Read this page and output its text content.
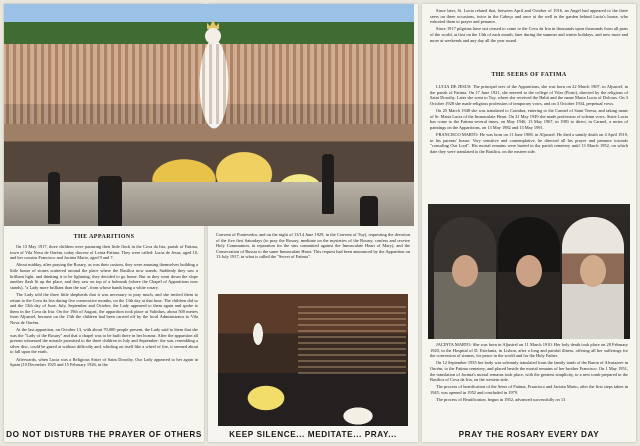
THE APPARITIONS

On 13 May 1917, three children were pasturing their little flock in the Cova da Iria, parish of Fatima, town of Vila Nova de Ourém, today diocese of Leiria-Fatima. They were called: Lucia de Jesus, aged 10, and her cousins Francisco and Jacinta Marto, aged 9 and 7.

About midday, after praying the Rosary, as was their custom, they were amusing themselves building a little house of stones scattered around the place where the Basilica now stands. Suddenly they saw a brilliant light, and thinking it to be lightning, they decided to go home. But as they went down the slope another flash lit up the place, and they saw on top of a holmoak (where the Chapel of Apparitions now stands), "a Lady more brilliant than the sun", from whose hands hung a white rosary.

The Lady told the three little shepherds that it was necessary to pray much, and she invited them to return to the Cova da Iria during five consecutive months, on the 13th day at that hour. The children did so and the 13th day of June, July, September and October, the Lady appeared to them again and spoke to them in the Cova da Iria. On the 19th of August, the apparition took place at Valinhos, about 500 metres from Aljustrel, because on the 13th the children had been carried off by the local Administrator to Vila Nova de Ourém.

At the last apparition, on October 13, with about 70,000 people present, the Lady said to them that she was the "Lady of the Rosary" and that a chapel was to be built there in her honour. After the apparition all present witnessed the miracle promised to the three children in July and September: the sun, resembling a silver disc, could be gazed at without difficulty and, whirling on itself like a wheel of fire, it seemed about to fall upon the earth.

Afterwards, when Lucia was a Religious Sister of Saint Dorothy, Our Lady appeared to her again in Spain (10 December 1925 and 15 February 1926, in the

DO NOT DISTURB THE PRAYER OF OTHERS

Convent of Pontevedra, and on the night of 13/14 June 1929, in the Convent of Tuy), requesting the devotion of the five first Saturdays (to pray the Rosary, meditate on the mysteries of the Rosary, confess and receive Holy Communion, in reparation for the sins committed against the Immaculate Heart of Mary), and the Consecration of Russia to the same Immaculate Heart. This request had been announced by the Apparition on 13 July 1917, in what is called the "Secret of Fatima".

KEEP SILENCE... MEDITATE... PRAY...

Since later, St. Lucia related that, between April and October of 1916, an Angel had appeared to the three seers on three occasions, twice in the Cabeço and once at the well in the garden behind Lucia's house, who exhorted them to prayer and penance.

Since 1917 pilgrims have not ceased to come to the Cova da Iria in thousands upon thousands from all parts of the world, at first on the 13th of each month, later during the summer and winter holidays, and now more and more at weekends and any day all the year round.

THE SEERS OF FATIMA

LUCIA DE JESUS: The principal seer of the Apparitions, she was born on 22 March 1907, in Aljustrel, in the parish of Fatima. On 17 June 1921, she entered to the college of Vilar (Porto), directed by the religious of Saint Dorothy. Later she went to Tuy, where she received the Habit and the name Maria Lucia of Dolours. On 3 October 1928 she made religious profession of temporary vows, and on 3 October 1934, perpetual vows.

On 25 March 1948 she was translated to Coimbra, entering to the Carmel of Saint Teresa, and taking name of Sr. Maria Lucia of the Immaculate Heart. On 31 May 1949 she made profession of solemn vows. Sister Lucia has come to the Fatima several times, on May 1946, 13 May 1967, in 1981 to direct, in Carmel, a series of paintings on the Apparitions, on 13 May 1982 and 13 May 1991.

FRANCISCO MARTO: He was born on 11 June 1908, in Aljustrel. He died a saintly death on 4 April 1919, in his parents' house. Very sensitive and contemplative, he directed all his prayer and penance towards "consoling Our Lord". His mortal remains were buried in the parish cemetery until 13 March 1952, on which date they were translated to the Basilica, on the eastern side.

JACINTA MARTO: She was born in Aljustrel on 11 March 1910. Her holy death took place on 20 February 1920, in the Hospital of D. Estefania, in Lisbon, after a long and painful illness, offering all her sufferings for the conversion of sinners, for peace in the world and for the Holy Father.

On 12 September 1935 her body was solemnly translated from the family tomb of the Baron of Alvaiazere in Ourém, to the Fatima cemetery, and placed beside the mortal remains of her brother Francisco. On 1 May 1951, the translation of Jacinta's mortal remains took place, with the greatest simplicity, to a new tomb prepared in the Basilica of Cova da Iria, on the western side.

The process of beatification of the Seers of Fatima, Francisco and Jacinta Marto, after the first steps taken in 1945, was opened in 1952 and concluded in 1979.

The process of Beatification, begun in 1952, advanced successfully on 13

PRAY THE ROSARY EVERY DAY
